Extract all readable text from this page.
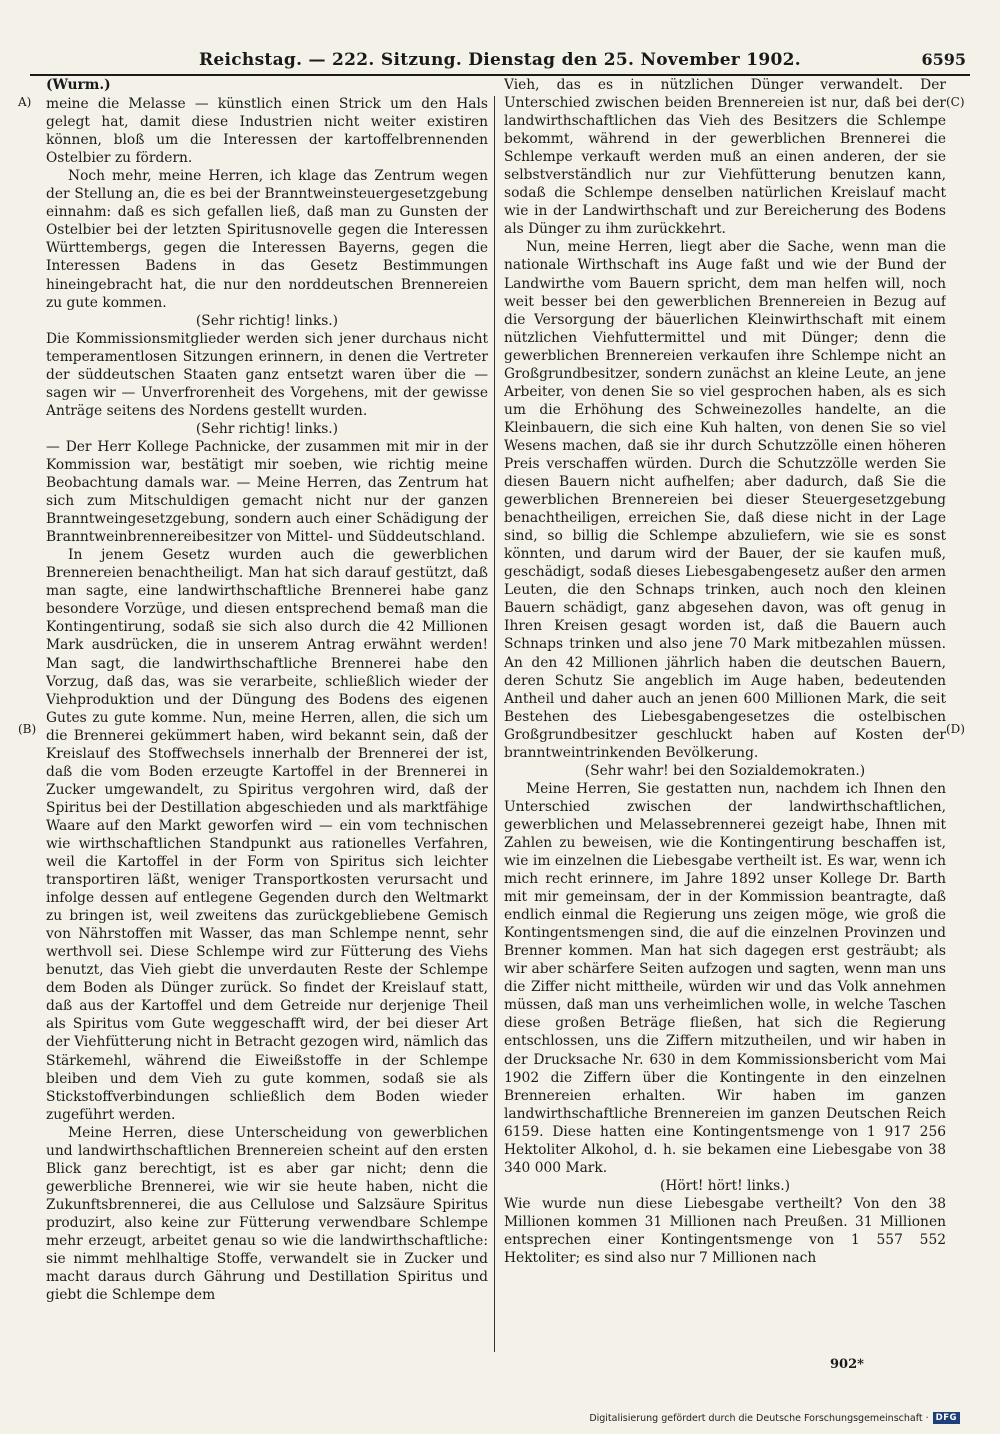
Reichstag. — 222. Sitzung. Dienstag den 25. November 1902.	6595
A)
(B)
(C)
(D)
(Wurm.)

meine die Melasse — künstlich einen Strick um den Hals gelegt hat, damit diese Industrien nicht weiter existiren können, bloß um die Interessen der kartoffelbrennenden Ostelbier zu fördern.

Noch mehr, meine Herren, ich klage das Zentrum wegen der Stellung an, die es bei der Branntweinsteuergesetzgebung einnahm: daß es sich gefallen ließ, daß man zu Gunsten der Ostelbier bei der letzten Spiritusnovelle gegen die Interessen Württembergs, gegen die Interessen Bayerns, gegen die Interessen Badens in das Gesetz Bestimmungen hineingebracht hat, die nur den norddeutschen Brennereien zu gute kommen.

(Sehr richtig! links.)

Die Kommissionsmitglieder werden sich jener durchaus nicht temperamentlosen Sitzungen erinnern, in denen die Vertreter der süddeutschen Staaten ganz entsetzt waren über die — sagen wir — Unverfrorenheit des Vorgehens, mit der gewisse Anträge seitens des Nordens gestellt wurden.

(Sehr richtig! links.)

— Der Herr Kollege Pachnicke, der zusammen mit mir in der Kommission war, bestätigt mir soeben, wie richtig meine Beobachtung damals war. — Meine Herren, das Zentrum hat sich zum Mitschuldigen gemacht nicht nur der ganzen Branntweingesetzgebung, sondern auch einer Schädigung der Branntweinbrennereibesitzer von Mittel- und Süddeutschland.

In jenem Gesetz wurden auch die gewerblichen Brennereien benachtheiligt. Man hat sich darauf gestützt, daß man sagte, eine landwirthschaftliche Brennerei habe ganz besondere Vorzüge, und diesen entsprechend bemaß man die Kontingentirung, sodaß sie sich also durch die 42 Millionen Mark ausdrücken, die in unserem Antrag erwähnt werden! Man sagt, die landwirthschaftliche Brennerei habe den Vorzug, daß das, was sie verarbeite, schließlich wieder der Viehproduktion und der Düngung des Bodens des eigenen Gutes zu gute komme. Nun, meine Herren, allen, die sich um die Brennerei gekümmert haben, wird bekannt sein, daß der Kreislauf des Stoffwechsels innerhalb der Brennerei der ist, daß die vom Boden erzeugte Kartoffel in der Brennerei in Zucker umgewandelt, zu Spiritus vergohren wird, daß der Spiritus bei der Destillation abgeschieden und als marktfähige Waare auf den Markt geworfen wird — ein vom technischen wie wirthschaftlichen Standpunkt aus rationelles Verfahren, weil die Kartoffel in der Form von Spiritus sich leichter transportiren läßt, weniger Transportkosten verursacht und infolge dessen auf entlegene Gegenden durch den Weltmarkt zu bringen ist, weil zweitens das zurückgebliebene Gemisch von Nährstoffen mit Wasser, das man Schlempe nennt, sehr werthvoll sei. Diese Schlempe wird zur Fütterung des Viehs benutzt, das Vieh giebt die unverdauten Reste der Schlempe dem Boden als Dünger zurück. So findet der Kreislauf statt, daß aus der Kartoffel und dem Getreide nur derjenige Theil als Spiritus vom Gute weggeschafft wird, der bei dieser Art der Viehfütterung nicht in Betracht gezogen wird, nämlich das Stärkemehl, während die Eiweißstoffe in der Schlempe bleiben und dem Vieh zu gute kommen, sodaß sie als Stickstoffverbindungen schließlich dem Boden wieder zugeführt werden.

Meine Herren, diese Unterscheidung von gewerblichen und landwirthschaftlichen Brennereien scheint auf den ersten Blick ganz berechtigt, ist es aber gar nicht; denn die gewerbliche Brennerei, wie wir sie heute haben, nicht die Zukunftsbrennerei, die aus Cellulose und Salzsäure Spiritus produzirt, also keine zur Fütterung verwendbare Schlempe mehr erzeugt, arbeitet genau so wie die landwirthschaftliche: sie nimmt mehlhaltige Stoffe, verwandelt sie in Zucker und macht daraus durch Gährung und Destillation Spiritus und giebt die Schlempe dem

Vieh, das es in nützlichen Dünger verwandelt. Der Unterschied zwischen beiden Brennereien ist nur, daß bei der landwirthschaftlichen das Vieh des Besitzers die Schlempe bekommt, während in der gewerblichen Brennerei die Schlempe verkauft werden muß an einen anderen, der sie selbstverständlich nur zur Viehfütterung benutzen kann, sodaß die Schlempe denselben natürlichen Kreislauf macht wie in der Landwirthschaft und zur Bereicherung des Bodens als Dünger zu ihm zurückkehrt.

Nun, meine Herren, liegt aber die Sache, wenn man die nationale Wirthschaft ins Auge faßt und wie der Bund der Landwirthe vom Bauern spricht, dem man helfen will, noch weit besser bei den gewerblichen Brennereien in Bezug auf die Versorgung der bäuerlichen Kleinwirthschaft mit einem nützlichen Viehfuttermittel und mit Dünger; denn die gewerblichen Brennereien verkaufen ihre Schlempe nicht an Großgrundbesitzer, sondern zunächst an kleine Leute, an jene Arbeiter, von denen Sie so viel gesprochen haben, als es sich um die Erhöhung des Schweinezolles handelte, an die Kleinbauern, die sich eine Kuh halten, von denen Sie so viel Wesens machen, daß sie ihr durch Schutzzölle einen höheren Preis verschaffen würden. Durch die Schutzzölle werden Sie diesen Bauern nicht aufhelfen; aber dadurch, daß Sie die gewerblichen Brennereien bei dieser Steuergesetzgebung benachtheiligen, erreichen Sie, daß diese nicht in der Lage sind, so billig die Schlempe abzuliefern, wie sie es sonst könnten, und darum wird der Bauer, der sie kaufen muß, geschädigt, sodaß dieses Liebesgabengesetz außer den armen Leuten, die den Schnaps trinken, auch noch den kleinen Bauern schädigt, ganz abgesehen davon, was oft genug in Ihren Kreisen gesagt worden ist, daß die Bauern auch Schnaps trinken und also jene 70 Mark mitbezahlen müssen. An den 42 Millionen jährlich haben die deutschen Bauern, deren Schutz Sie angeblich im Auge haben, bedeutenden Antheil und daher auch an jenen 600 Millionen Mark, die seit Bestehen des Liebesgabengesetzes die ostelbischen Großgrundbesitzer geschluckt haben auf Kosten der branntweintrinkenden Bevölkerung.

(Sehr wahr! bei den Sozialdemokraten.)

Meine Herren, Sie gestatten nun, nachdem ich Ihnen den Unterschied zwischen der landwirthschaftlichen, gewerblichen und Melassebrennerei gezeigt habe, Ihnen mit Zahlen zu beweisen, wie die Kontingentirung beschaffen ist, wie im einzelnen die Liebesgabe vertheilt ist. Es war, wenn ich mich recht erinnere, im Jahre 1892 unser Kollege Dr. Barth mit mir gemeinsam, der in der Kommission beantragte, daß endlich einmal die Regierung uns zeigen möge, wie groß die Kontingentsmengen sind, die auf die einzelnen Provinzen und Brenner kommen. Man hat sich dagegen erst gesträubt; als wir aber schärfere Seiten aufzogen und sagten, wenn man uns die Ziffer nicht mittheile, würden wir und das Volk annehmen müssen, daß man uns verheimlichen wolle, in welche Taschen diese großen Beträge fließen, hat sich die Regierung entschlossen, uns die Ziffern mitzutheilen, und wir haben in der Drucksache Nr. 630 in dem Kommissionsbericht vom Mai 1902 die Ziffern über die Kontingente in den einzelnen Brennereien erhalten. Wir haben im ganzen landwirthschaftliche Brennereien im ganzen Deutschen Reich 6159. Diese hatten eine Kontingentsmenge von 1 917 256 Hektoliter Alkohol, d. h. sie bekamen eine Liebesgabe von 38 340 000 Mark.

(Hört! hört! links.)

Wie wurde nun diese Liebesgabe vertheilt? Von den 38 Millionen kommen 31 Millionen nach Preußen. 31 Millionen entsprechen einer Kontingentsmenge von 1 557 552 Hektoliter; es sind also nur 7 Millionen nach

902*
Digitalisierung gefördert durch die Deutsche Forschungsgemeinschaft · DFG
